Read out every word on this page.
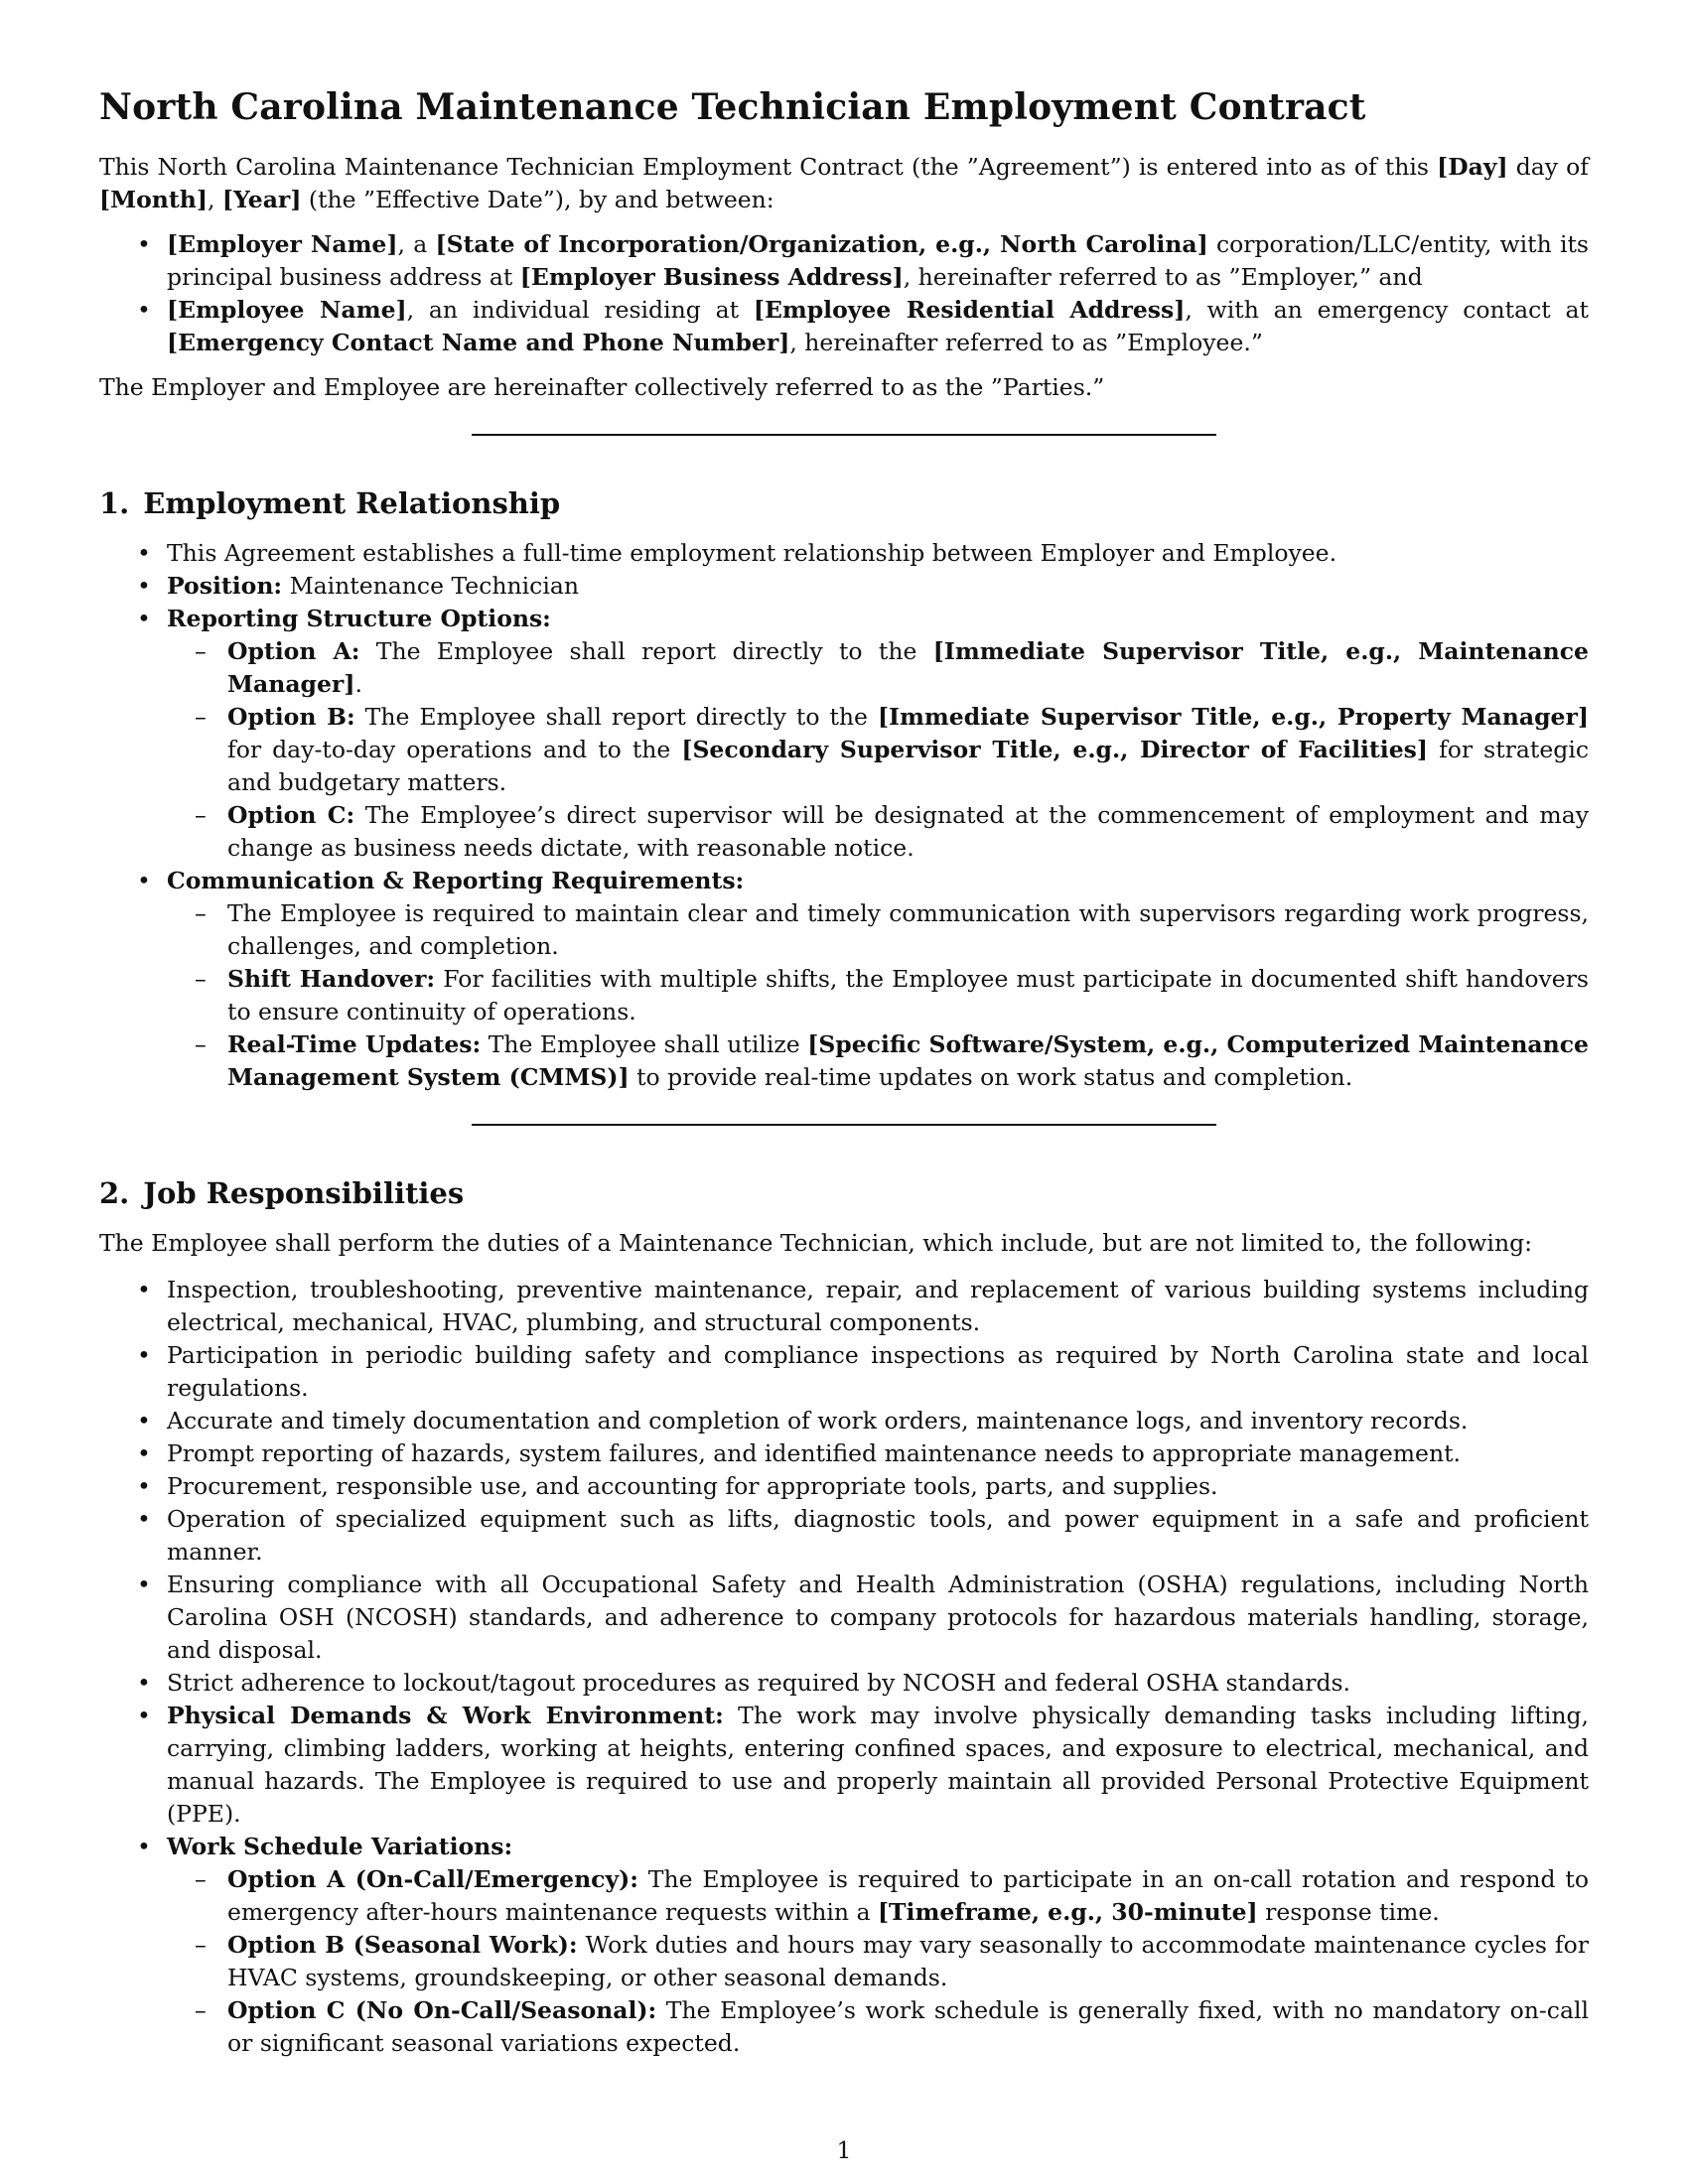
North Carolina Maintenance Technician Employment Contract

This North Carolina Maintenance Technician Employment Contract (the ”Agreement”) is entered into as of this [Day] day of [Month], [Year] (the ”Effective Date”), by and between:

• [Employer Name], a [State of Incorporation/Organization, e.g., North Carolina] corporation/LLC/entity, with its principal business address at [Employer Business Address], hereinafter referred to as ”Employer,” and
• [Employee Name], an individual residing at [Employee Residential Address], with an emergency contact at [Emergency Contact Name and Phone Number], hereinafter referred to as ”Employee.”

The Employer and Employee are hereinafter collectively referred to as the ”Parties.”

1. Employment Relationship
• This Agreement establishes a full-time employment relationship between Employer and Employee.
• Position: Maintenance Technician
• Reporting Structure Options:
– Option A: The Employee shall report directly to the [Immediate Supervisor Title, e.g., Maintenance Manager].
– Option B: The Employee shall report directly to the [Immediate Supervisor Title, e.g., Property Manager] for day-to-day operations and to the [Secondary Supervisor Title, e.g., Director of Facilities] for strategic and budgetary matters.
– Option C: The Employee’s direct supervisor will be designated at the commencement of employment and may change as business needs dictate, with reasonable notice.
• Communication & Reporting Requirements:
– The Employee is required to maintain clear and timely communication with supervisors regarding work progress, challenges, and completion.
– Shift Handover: For facilities with multiple shifts, the Employee must participate in documented shift handovers to ensure continuity of operations.
– Real-Time Updates: The Employee shall utilize [Specific Software/System, e.g., Computerized Maintenance Management System (CMMS)] to provide real-time updates on work status and completion.
2. Job Responsibilities

The Employee shall perform the duties of a Maintenance Technician, which include, but are not limited to, the following:

• Inspection, troubleshooting, preventive maintenance, repair, and replacement of various building systems including electrical, mechanical, HVAC, plumbing, and structural components.
• Participation in periodic building safety and compliance inspections as required by North Carolina state and local regulations.
• Accurate and timely documentation and completion of work orders, maintenance logs, and inventory records.
• Prompt reporting of hazards, system failures, and identified maintenance needs to appropriate management.
• Procurement, responsible use, and accounting for appropriate tools, parts, and supplies.
• Operation of specialized equipment such as lifts, diagnostic tools, and power equipment in a safe and proficient manner.
• Ensuring compliance with all Occupational Safety and Health Administration (OSHA) regulations, including North Carolina OSH (NCOSH) standards, and adherence to company protocols for hazardous materials handling, storage, and disposal.
• Strict adherence to lockout/tagout procedures as required by NCOSH and federal OSHA standards.
• Physical Demands & Work Environment: The work may involve physically demanding tasks including lifting, carrying, climbing ladders, working at heights, entering confined spaces, and exposure to electrical, mechanical, and manual hazards. The Employee is required to use and properly maintain all provided Personal Protective Equipment (PPE).
• Work Schedule Variations:
– Option A (On-Call/Emergency): The Employee is required to participate in an on-call rotation and respond to emergency after-hours maintenance requests within a [Timeframe, e.g., 30-minute] response time.
– Option B (Seasonal Work): Work duties and hours may vary seasonally to accommodate maintenance cycles for HVAC systems, groundskeeping, or other seasonal demands.
– Option C (No On-Call/Seasonal): The Employee’s work schedule is generally fixed, with no mandatory on-call or significant seasonal variations expected.
1
